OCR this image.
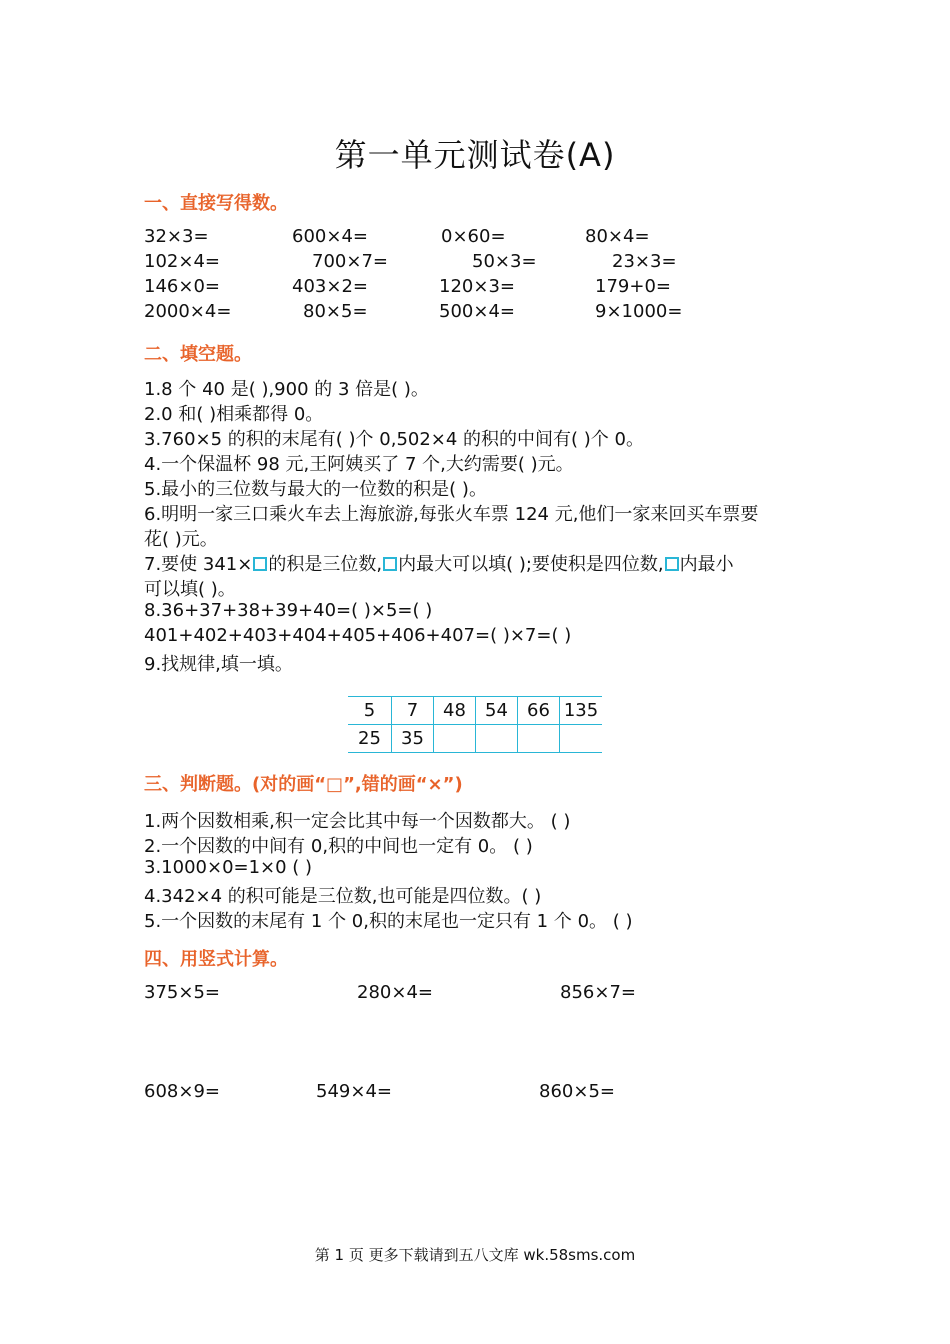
第一单元测试卷(A)
一、直接写得数。
32×3=	600×4=	0×60=	80×4=
102×4=	700×7=	50×3=	23×3=
146×0=	403×2=	120×3=	179+0=
2000×4=	80×5=	500×4=	9×1000=
二、填空题。
1.8 个 40 是( ),900 的 3 倍是( )。
2.0 和( )相乘都得 0。
3.760×5 的积的末尾有( )个 0,502×4 的积的中间有( )个 0。
4.一个保温杯 98 元,王阿姨买了 7 个,大约需要( )元。
5.最小的三位数与最大的一位数的积是( )。
6.明明一家三口乘火车去上海旅游,每张火车票 124 元,他们一家来回买车票要
花( )元。
7.要使 341× 的积是三位数, 内最大可以填( );要使积是四位数, 内最小
可以填( )。
8.36+37+38+39+40=( )×5=( )
401+402+403+404+405+406+407=( )×7=( )
9.找规律,填一填。
5	7	48	54	66	135
25	35				
三、判断题。(对的画“□”,错的画“×”)
1.两个因数相乘,积一定会比其中每一个因数都大。 ( )
2.一个因数的中间有 0,积的中间也一定有 0。 ( )
3.1000×0=1×0 ( )
4.342×4 的积可能是三位数,也可能是四位数。( )
5.一个因数的末尾有 1 个 0,积的末尾也一定只有 1 个 0。 ( )
四、用竖式计算。
375×5=	280×4=	856×7=
608×9=	549×4=	860×5=
第 1 页 更多下载请到五八文库 wk.58sms.com
